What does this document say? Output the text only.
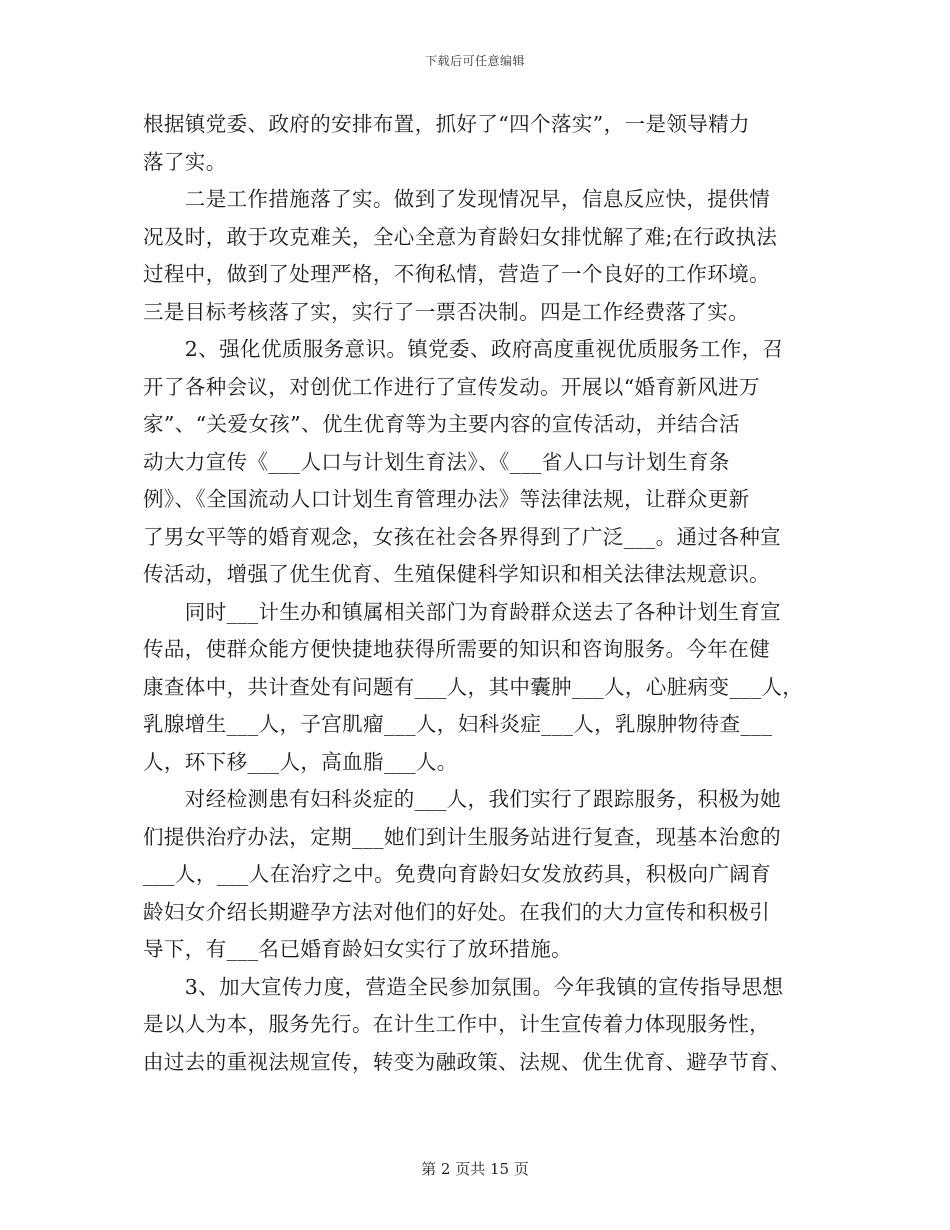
下载后可任意编辑
根据镇党委、政府的安排布置，抓好了“四个落实”，一是领导精力
落了实。
　　二是工作措施落了实。做到了发现情况早，信息反应快，提供情
况及时，敢于攻克难关，全心全意为育龄妇女排忧解了难;在行政执法
过程中，做到了处理严格，不徇私情，营造了一个良好的工作环境。
三是目标考核落了实，实行了一票否决制。四是工作经费落了实。
　　2、强化优质服务意识。镇党委、政府高度重视优质服务工作，召
开了各种会议，对创优工作进行了宣传发动。开展以“婚育新风进万
家”、“关爱女孩”、优生优育等为主要内容的宣传活动，并结合活
动大力宣传《___人口与计划生育法》、《___省人口与计划生育条
例》、《全国流动人口计划生育管理办法》等法律法规，让群众更新
了男女平等的婚育观念，女孩在社会各界得到了广泛___。通过各种宣
传活动，增强了优生优育、生殖保健科学知识和相关法律法规意识。
　　同时___计生办和镇属相关部门为育龄群众送去了各种计划生育宣
传品，使群众能方便快捷地获得所需要的知识和咨询服务。今年在健
康查体中，共计查处有问题有___人，其中囊肿___人，心脏病变___人，
乳腺增生___人，子宫肌瘤___人，妇科炎症___人，乳腺肿物待查___
人，环下移___人，高血脂___人。
　　对经检测患有妇科炎症的___人，我们实行了跟踪服务，积极为她
们提供治疗办法，定期___她们到计生服务站进行复查，现基本治愈的
___人，___人在治疗之中。免费向育龄妇女发放药具，积极向广阔育
龄妇女介绍长期避孕方法对他们的好处。在我们的大力宣传和积极引
导下，有___名已婚育龄妇女实行了放环措施。
　　3、加大宣传力度，营造全民参加氛围。今年我镇的宣传指导思想
是以人为本，服务先行。在计生工作中，计生宣传着力体现服务性，
由过去的重视法规宣传，转变为融政策、法规、优生优育、避孕节育、
第 2 页共 15 页
